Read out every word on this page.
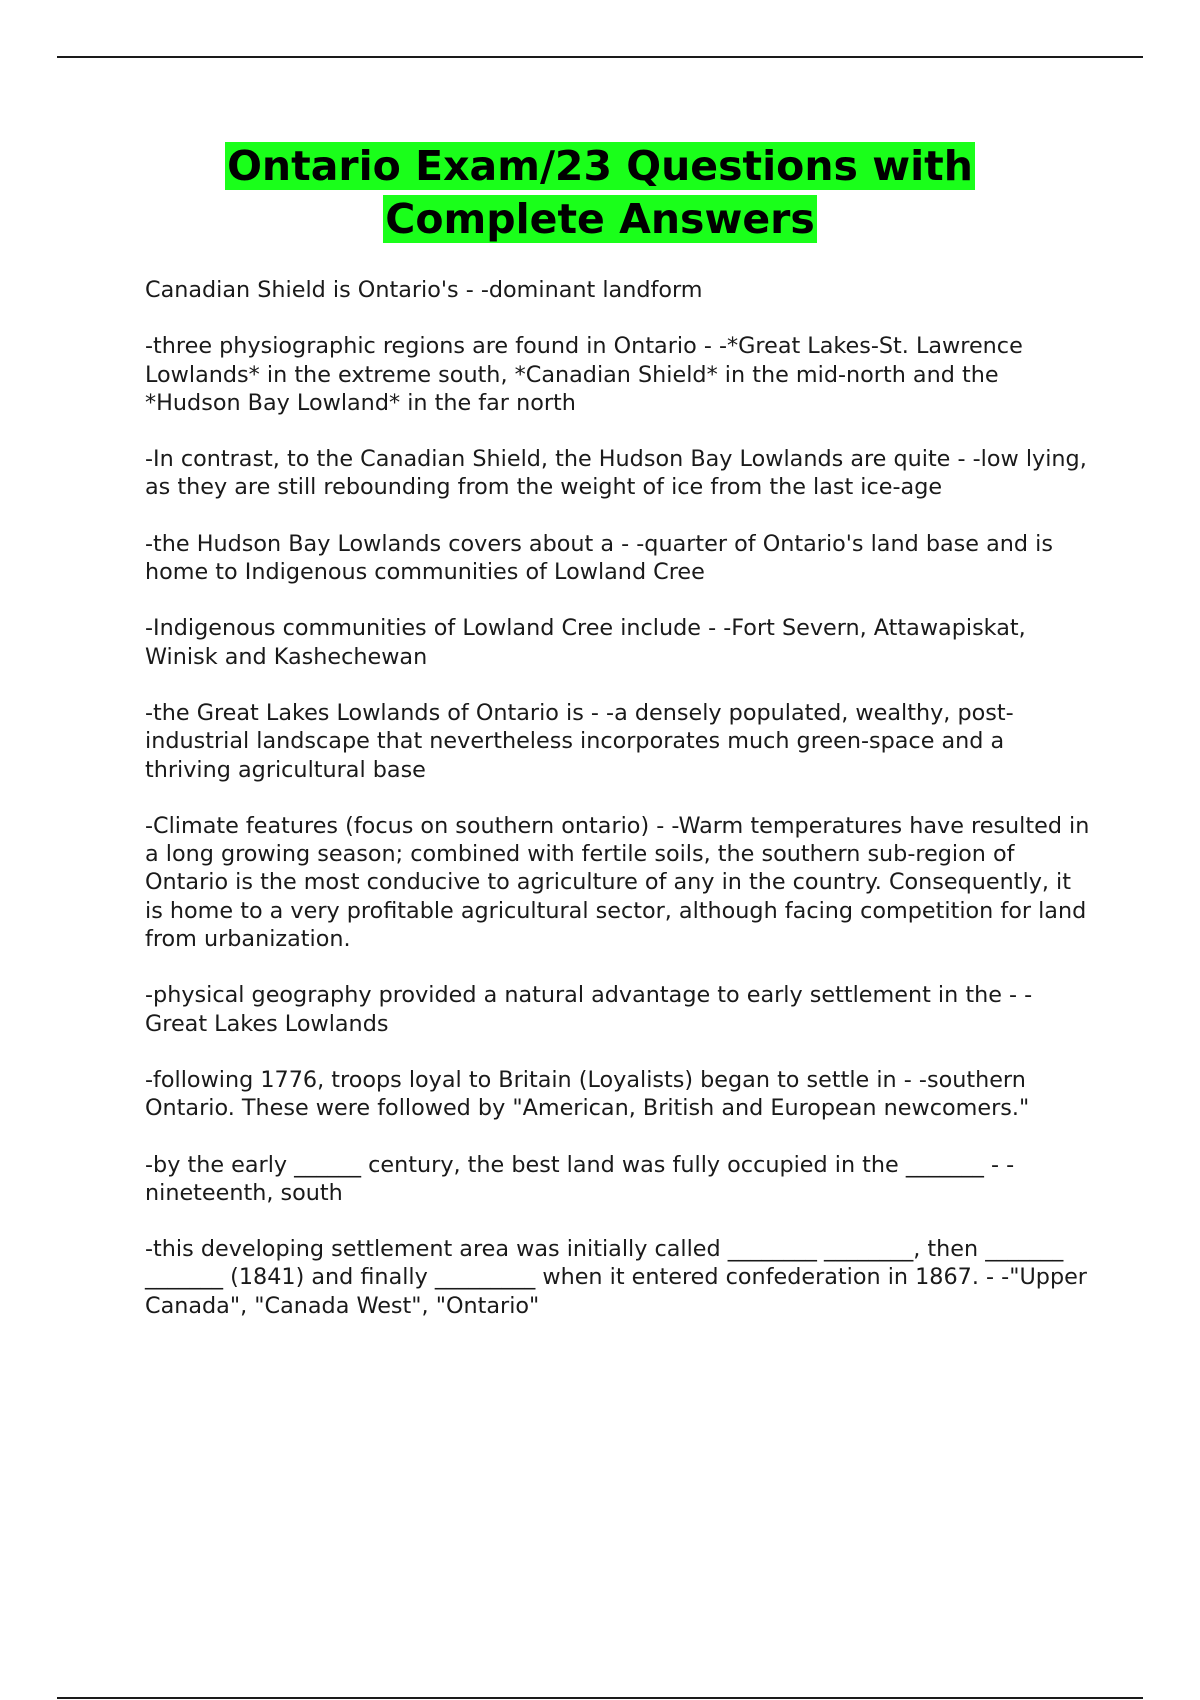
Ontario Exam/23 Questions with
Complete Answers

Canadian Shield is Ontario's - -dominant landform

-three physiographic regions are found in Ontario - -*Great Lakes-St. Lawrence Lowlands* in the extreme south, *Canadian Shield* in the mid-north and the *Hudson Bay Lowland* in the far north

-In contrast, to the Canadian Shield, the Hudson Bay Lowlands are quite - -low lying, as they are still rebounding from the weight of ice from the last ice-age

-the Hudson Bay Lowlands covers about a - -quarter of Ontario's land base and is home to Indigenous communities of Lowland Cree

-Indigenous communities of Lowland Cree include - -Fort Severn, Attawapiskat, Winisk and Kashechewan

-the Great Lakes Lowlands of Ontario is - -a densely populated, wealthy, post-industrial landscape that nevertheless incorporates much green-space and a thriving agricultural base

-Climate features (focus on southern ontario) - -Warm temperatures have resulted in a long growing season; combined with fertile soils, the southern sub-region of Ontario is the most conducive to agriculture of any in the country. Consequently, it is home to a very profitable agricultural sector, although facing competition for land from urbanization.

-physical geography provided a natural advantage to early settlement in the - -Great Lakes Lowlands

-following 1776, troops loyal to Britain (Loyalists) began to settle in - -southern Ontario. These were followed by "American, British and European newcomers."

-by the early ______ century, the best land was fully occupied in the _______ - -nineteenth, south

-this developing settlement area was initially called ________ ________, then _______ _______ (1841) and finally _________ when it entered confederation in 1867. - -"Upper Canada", "Canada West", "Ontario"
